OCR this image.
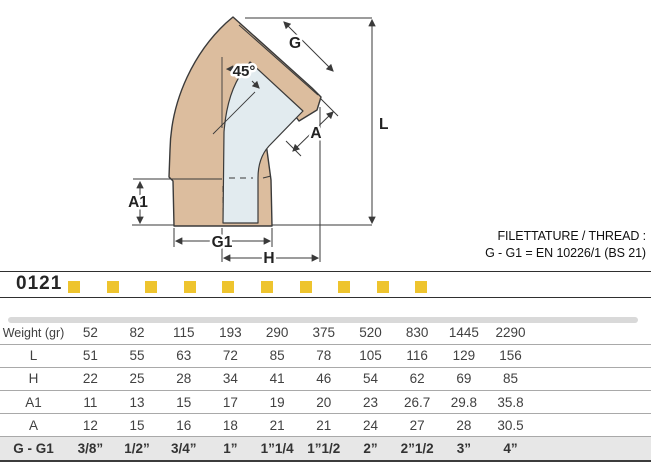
G
45°
A
L
A1
G1
H
FILETTATURE / THREAD :
G - G1 = EN 10226/1 (BS 21)
0121
Weight (gr)	52	82	115	193	290	375	520	830	1445	2290
L	51	55	63	72	85	78	105	116	129	156
H	22	25	28	34	41	46	54	62	69	85
A1	11	13	15	17	19	20	23	26.7	29.8	35.8
A	12	15	16	18	21	21	24	27	28	30.5
G - G1	3/8”	1/2”	3/4”	1”	1”1/4	1”1/2	2”	2”1/2	3”	4”
